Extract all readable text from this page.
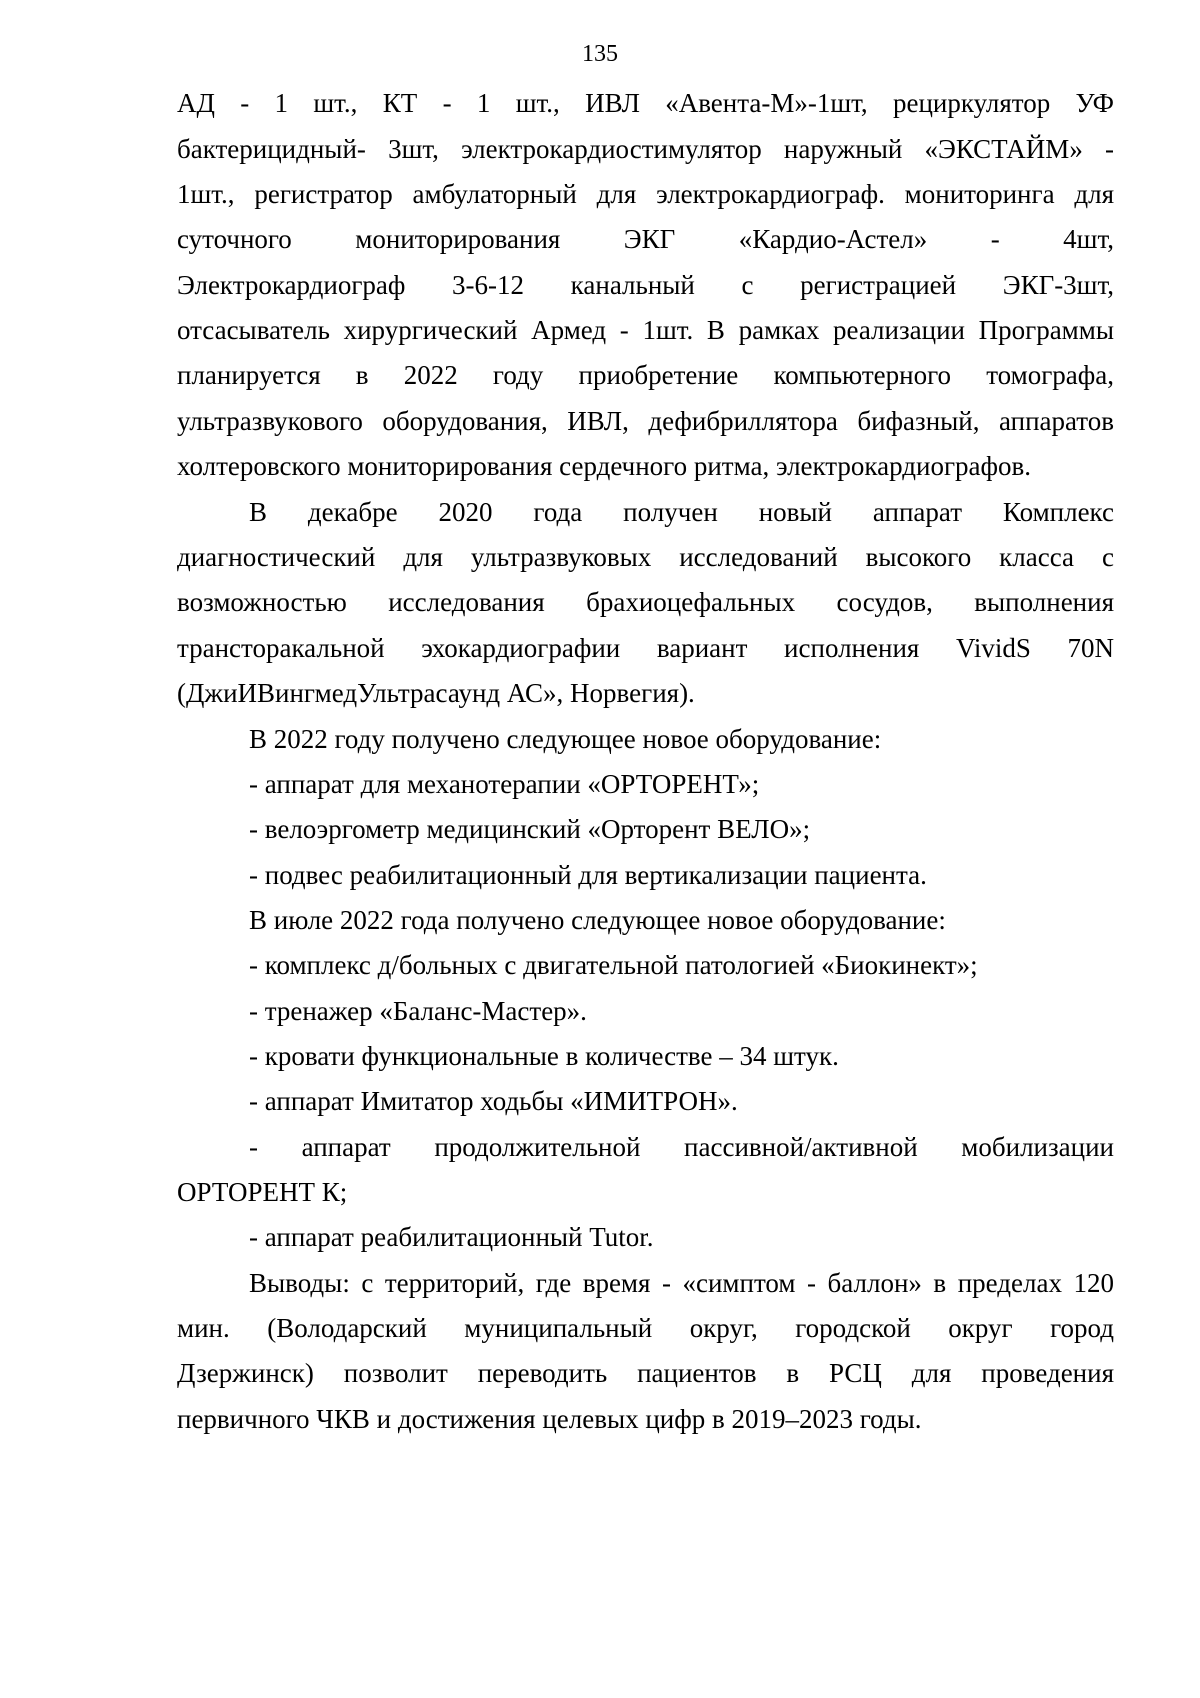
135

АД - 1 шт., КТ - 1 шт., ИВЛ «Авента-М»-1шт, рециркулятор УФ

бактерицидный- 3шт, электрокардиостимулятор наружный «ЭКСТАЙМ» -

1шт., регистратор амбулаторный для электрокардиограф. мониторинга для

суточного мониторирования ЭКГ «Кардио-Астел» - 4шт,

Электрокардиограф 3-6-12 канальный с регистрацией ЭКГ-3шт,

отсасыватель хирургический Армед - 1шт. В рамках реализации Программы

планируется в 2022 году приобретение компьютерного томографа,

ультразвукового оборудования, ИВЛ, дефибриллятора бифазный, аппаратов

холтеровского мониторирования сердечного ритма, электрокардиографов.

В декабре 2020 года получен новый аппарат Комплекс

диагностический для ультразвуковых исследований высокого класса с

возможностью исследования брахиоцефальных сосудов, выполнения

трансторакальной эхокардиографии вариант исполнения VividS 70N

(ДжиИВингмедУльтрасаунд АС», Норвегия).

В 2022 году получено следующее новое оборудование:

- аппарат для механотерапии «ОРТОРЕНТ»;

- велоэргометр медицинский «Орторент ВЕЛО»;

- подвес реабилитационный для вертикализации пациента.

В июле 2022 года получено следующее новое оборудование:

- комплекс д/больных с двигательной патологией «Биокинект»;

- тренажер «Баланс-Мастер».

- кровати функциональные в количестве – 34 штук.

- аппарат Имитатор ходьбы «ИМИТРОН».

- аппарат продолжительной пассивной/активной мобилизации

ОРТОРЕНТ К;

- аппарат реабилитационный Tutor.

Выводы: с территорий, где время - «симптом - баллон» в пределах 120

мин. (Володарский муниципальный округ, городской округ город

Дзержинск) позволит переводить пациентов в РСЦ для проведения

первичного ЧКВ и достижения целевых цифр в 2019–2023 годы.
